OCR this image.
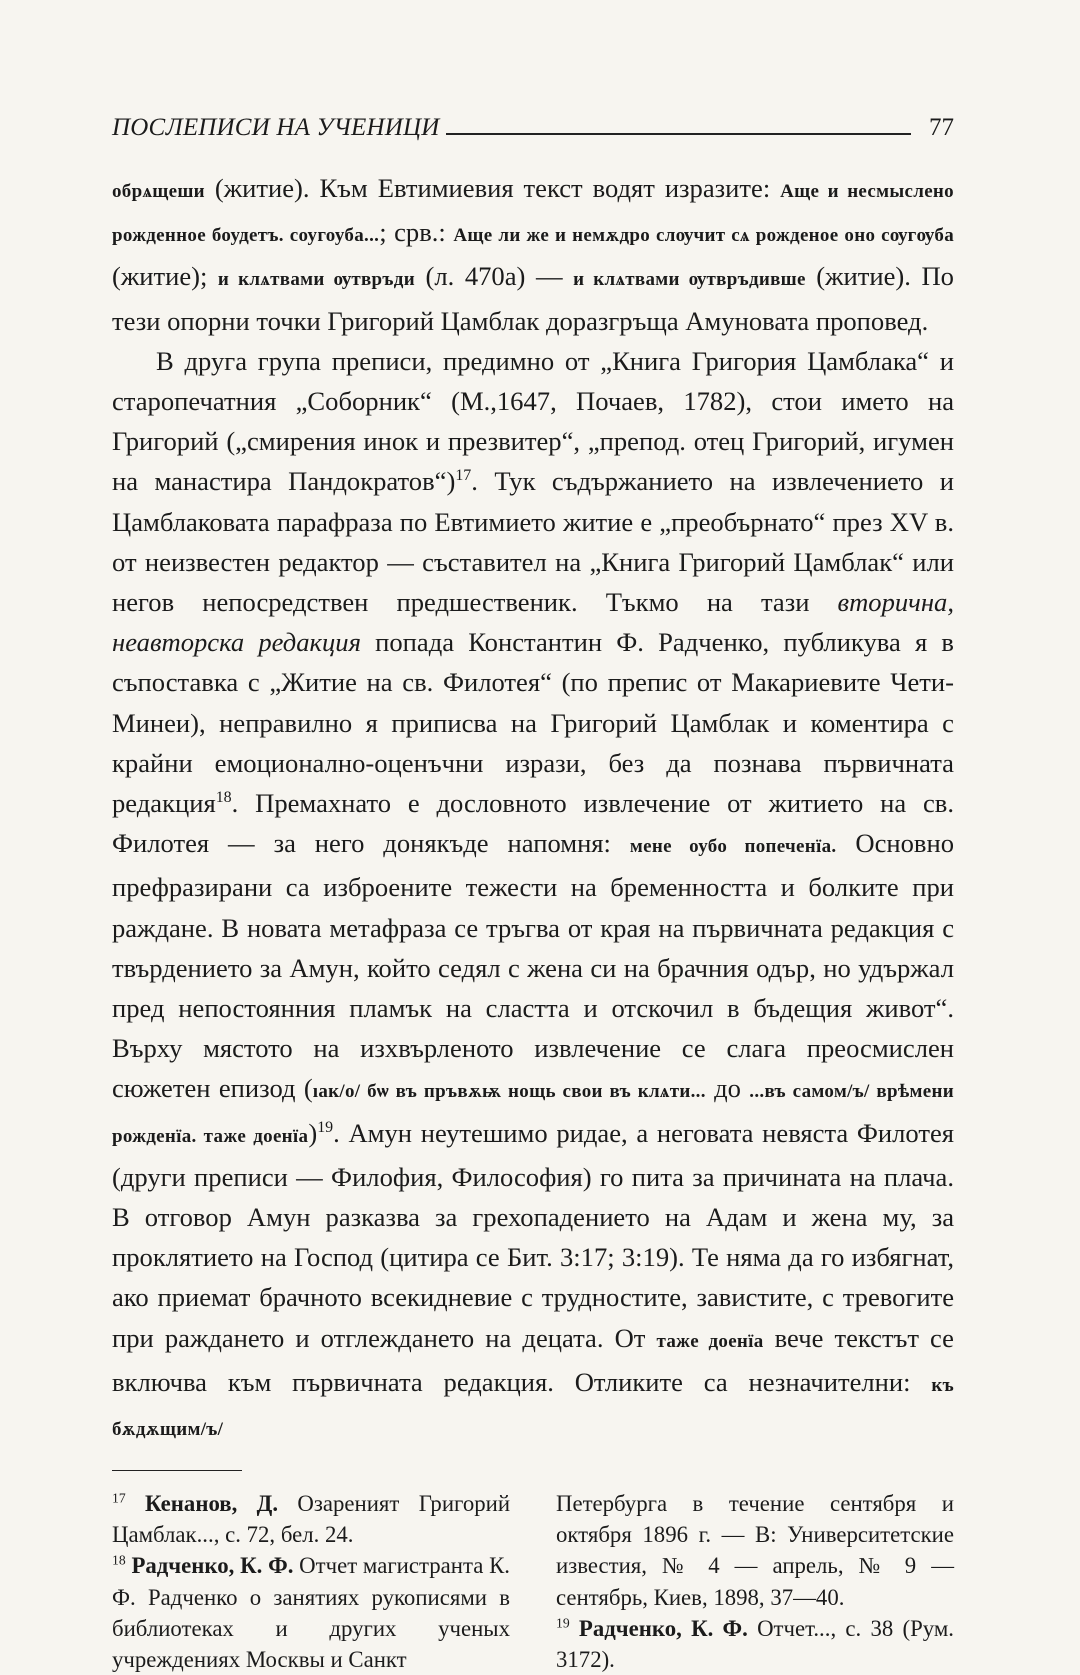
ПОСЛЕПИСИ НА УЧЕНИЦИ	77

обрѧщеши (житие). Към Евтимиевия текст водят изразите: Аще и несмыслено рожденное боудетъ. соугоуба...; срв.: Аще ли же и немѫдро слѹчит сѧ рожденое оно сѹгѹба (житие); и клѧтвами ѹтвръди (л. 470а) — и клѧтвами ѹтвръдивше (житие). По тези опорни точки Григорий Цамблак доразгръща Амуновата проповед.

В друга група преписи, предимно от „Книга Григория Цамблака“ и старопечатния „Соборник“ (М.,1647, Почаев, 1782), стои името на Григорий („смирения инок и презвитер“, „препод. отец Григорий, игумен на манастира Пандократов“)$^{17}$. Тук съдържанието на извлечението и Цамблаковата парафраза по Евтимието житие е „преобърнато“ през XV в. от неизвестен редактор — съставител на „Книга Григорий Цамблак“ или негов непосредствен предшественик. Тъкмо на тази вторична, неавторска редакция попада Константин Ф. Радченко, публикува я в съпоставка с „Житие на св. Филотея“ (по препис от Макариевите Чети-Минеи), неправилно я приписва на Григорий Цамблак и коментира с крайни емоционално-оценъчни изрази, без да познава първичната редакция$^{18}$. Премахнато е дословното извлечение от житието на св. Филотея — за него донякъде напомня: мене оубо попеченїа. Основно префразирани са изброените тежести на бременността и болките при раждане. В новата метафраза се тръгва от края на първичната редакция с твърдението за Амун, който седял с жена си на брачния одър, но удържал пред непостоянния пламък на сластта и отскочил в бъдещия живот“. Върху мястото на изхвърленото извлечение се слага преосмислен сюжетен епизод (ıак/о/ бѡ въ пръвѫѭ нощь свои въ клѧти... до ...въ самом/ъ/ врѣмени рожденїа. тажe доенїа)$^{19}$. Амун неутешимо ридае, а неговата невяста Филотея (други преписи — Филофия, Философия) го пита за причината на плача. В отговор Амун разказва за грехопадението на Адам и жена му, за проклятието на Господ (цитира се Бит. 3:17; 3:19). Те няма да го избягнат, ако приемат брачното всекидневие с трудностите, завистите, с тревогите при раждането и отглеждането на децата. От тажe доенїа вече текстът се включва към първичната редакция. Отликите са незначителни: къ бѫдѫщим/ъ/

$^{17}$ Кенанов, Д. Озареният Григорий Цамблак..., с. 72, бел. 24.

$^{18}$ Радченко, К. Ф. Отчет магистранта К. Ф. Радченко о занятиях рукописями в библиотеках и других ученых учреждениях Москвы и Санкт

Петербурга в течение сентября и октября 1896 г. — В: Университетские известия, № 4 — апрель, № 9 — сентябрь, Киев, 1898, 37—40.

$^{19}$ Радченко, К. Ф. Отчет..., с. 38 (Рум. 3172).
